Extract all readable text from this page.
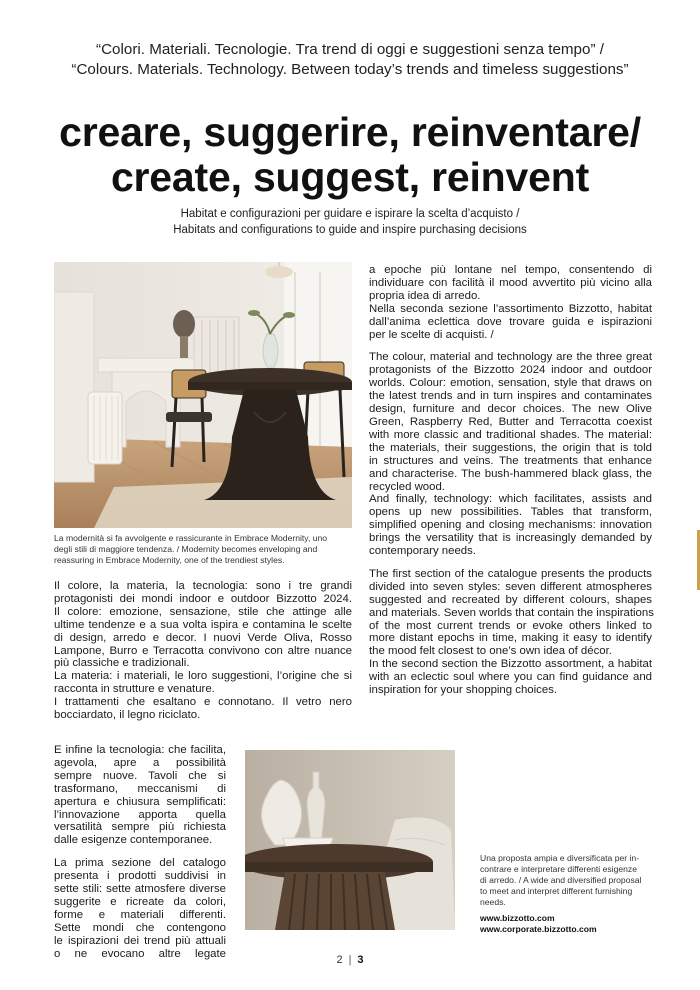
“Colori. Materiali. Tecnologie. Tra trend di oggi e suggestioni senza tempo” /
“Colours. Materials. Technology. Between today’s trends and timeless suggestions”
creare, suggerire, reinventare/
create, suggest, reinvent
Habitat e configurazioni per guidare e ispirare la scelta d’acquisto /
Habitats and configurations to guide and inspire purchasing decisions
La modernità si fa avvolgente e rassicurante in Embrace Modernity, uno
degli stili di maggiore tendenza. / Modernity becomes enveloping and
reassuring in Embrace Modernity, one of the trendiest styles.
Il colore, la materia, la tecnologia: sono i tre grandi
protagonisti dei mondi indoor e outdoor Bizzotto 2024.
Il colore: emozione, sensazione, stile che attinge alle
ultime tendenze e a sua volta ispira e contamina le scelte
di design, arredo e decor. I nuovi Verde Oliva, Rosso
Lampone, Burro e Terracotta convivono con altre nuance
più classiche e tradizionali.
La materia: i materiali, le loro suggestioni, l’origine che si
racconta in strutture e venature.
I trattamenti che esaltano e connotano. Il vetro nero
bocciardato, il legno riciclato.
E infine la tecnologia: che facilita,
agevola, apre a possibilità
sempre nuove. Tavoli che si
trasformano, meccanismi di
apertura e chiusura semplificati:
l’innovazione apporta quella
versatilità sempre più richiesta
dalle esigenze contemporanee.
La prima sezione del catalogo
presenta i prodotti suddivisi in
sette stili: sette atmosfere diverse
suggerite e ricreate da colori,
forme e materiali differenti.
Sette mondi che contengono
le ispirazioni dei trend più attuali
o ne evocano altre legate
a epoche più lontane nel tempo, consentendo di
individuare con facilità il mood avvertito più vicino alla
propria idea di arredo.
Nella seconda sezione l’assortimento Bizzotto, habitat
dall’anima eclettica dove trovare guida e ispirazioni
per le scelte di acquisti. /
The colour, material and technology are the three great
protagonists of the Bizzotto 2024 indoor and outdoor
worlds. Colour: emotion, sensation, style that draws on
the latest trends and in turn inspires and contaminates
design, furniture and decor choices. The new Olive
Green, Raspberry Red, Butter and Terracotta coexist
with more classic and traditional shades. The material:
the materials, their suggestions, the origin that is told
in structures and veins. The treatments that enhance
and characterise. The bush-hammered black glass, the
recycled wood.
And finally, technology: which facilitates, assists and
opens up new possibilities. Tables that transform,
simplified opening and closing mechanisms: innovation
brings the versatility that is increasingly demanded by
contemporary needs.
The first section of the catalogue presents the products
divided into seven styles: seven different atmospheres
suggested and recreated by different colours, shapes
and materials. Seven worlds that contain the inspirations
of the most current trends or evoke others linked to
more distant epochs in time, making it easy to identify
the mood felt closest to one’s own idea of décor.
In the second section the Bizzotto assortment, a habitat
with an eclectic soul where you can find guidance and
inspiration for your shopping choices.
Una proposta ampia e diversificata per in-
contrare e interpretare differenti esigenze
di arredo. / A wide and diversified proposal
to meet and interpret different furnishing
needs.
www.bizzotto.com
www.corporate.bizzotto.com
2 | 3
